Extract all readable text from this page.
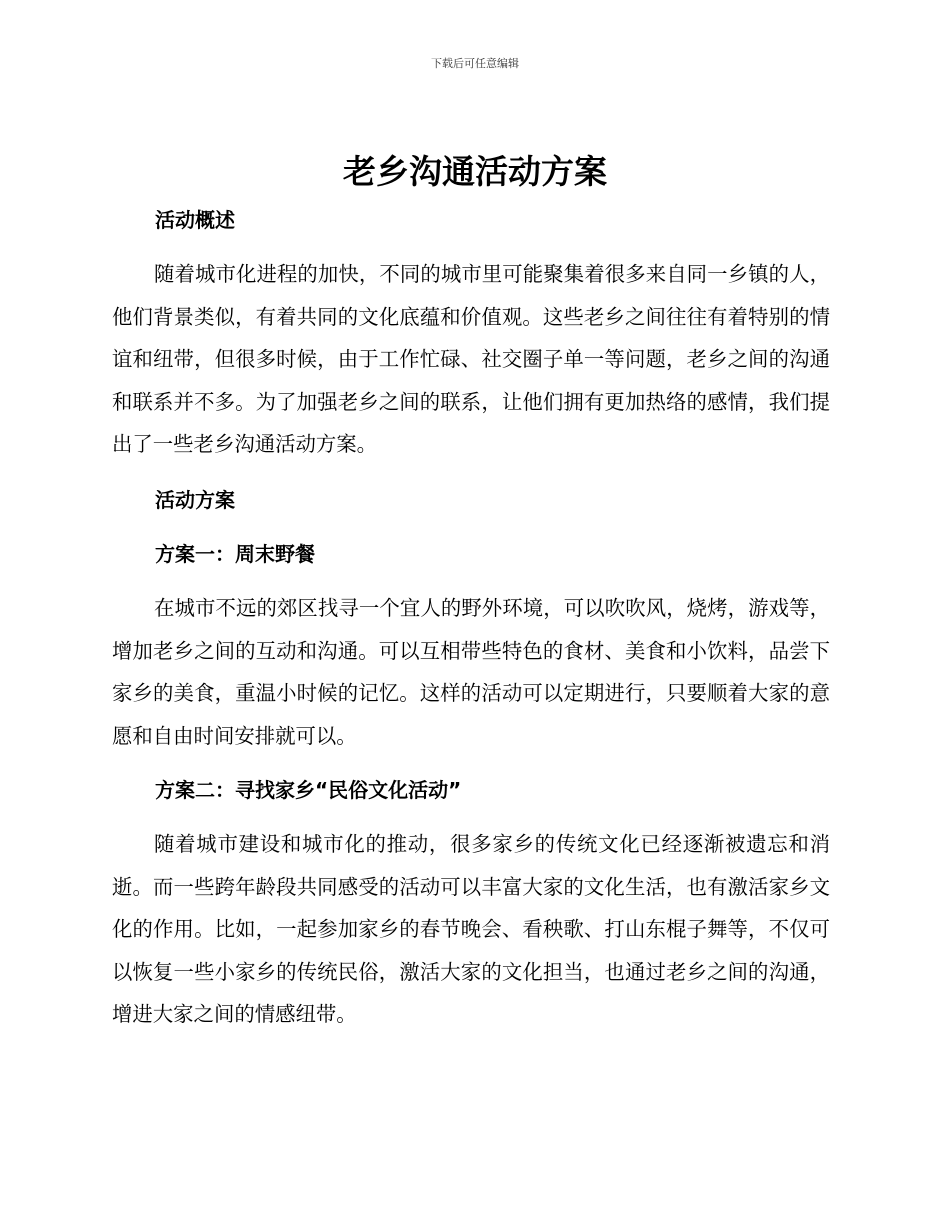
下载后可任意编辑
老乡沟通活动方案
活动概述

随着城市化进程的加快，不同的城市里可能聚集着很多来自同一乡镇的人，他们背景类似，有着共同的文化底蕴和价值观。这些老乡之间往往有着特别的情谊和纽带，但很多时候，由于工作忙碌、社交圈子单一等问题，老乡之间的沟通和联系并不多。为了加强老乡之间的联系，让他们拥有更加热络的感情，我们提出了一些老乡沟通活动方案。

活动方案
方案一：周末野餐

在城市不远的郊区找寻一个宜人的野外环境，可以吹吹风，烧烤，游戏等，增加老乡之间的互动和沟通。可以互相带些特色的食材、美食和小饮料，品尝下家乡的美食，重温小时候的记忆。这样的活动可以定期进行，只要顺着大家的意愿和自由时间安排就可以。

方案二：寻找家乡“民俗文化活动”

随着城市建设和城市化的推动，很多家乡的传统文化已经逐渐被遗忘和消逝。而一些跨年龄段共同感受的活动可以丰富大家的文化生活，也有激活家乡文化的作用。比如，一起参加家乡的春节晚会、看秧歌、打山东棍子舞等，不仅可以恢复一些小家乡的传统民俗，激活大家的文化担当，也通过老乡之间的沟通，增进大家之间的情感纽带。
